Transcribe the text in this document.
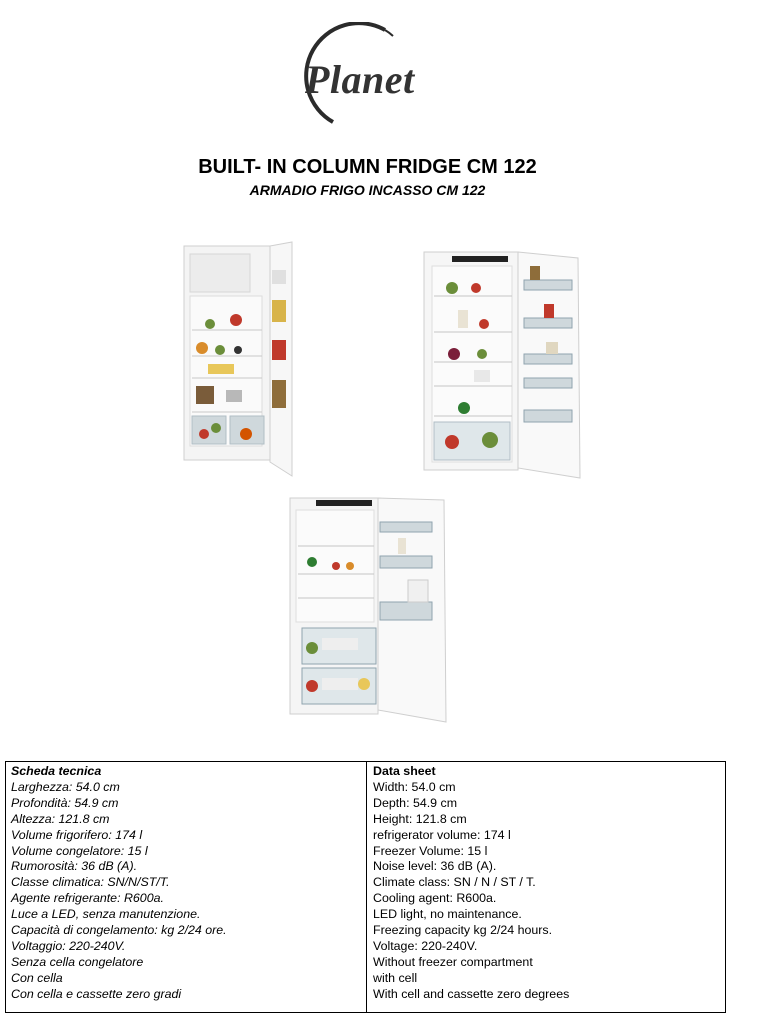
Planet
BUILT- IN COLUMN FRIDGE CM 122
ARMADIO FRIGO INCASSO CM 122
Scheda tecnica
Larghezza: 54.0 cm
Profondità: 54.9 cm
Altezza: 121.8 cm
Volume frigorifero: 174 l
Volume congelatore: 15 l
Rumorosità: 36 dB (A).
Classe climatica: SN/N/ST/T.
Agente refrigerante: R600a.
Luce a LED, senza manutenzione.
Capacità di congelamento: kg 2/24 ore.
Voltaggio: 220-240V.
Senza cella congelatore
Con cella
Con cella e cassette zero gradi
Data sheet
Width: 54.0 cm
Depth: 54.9 cm
Height: 121.8 cm
refrigerator volume: 174 l
Freezer Volume: 15 l
Noise level: 36 dB (A).
Climate class: SN / N / ST / T.
Cooling agent: R600a.
LED light, no maintenance.
Freezing capacity kg 2/24 hours.
Voltage: 220-240V.
Without freezer compartment
with cell
With cell and cassette zero degrees
